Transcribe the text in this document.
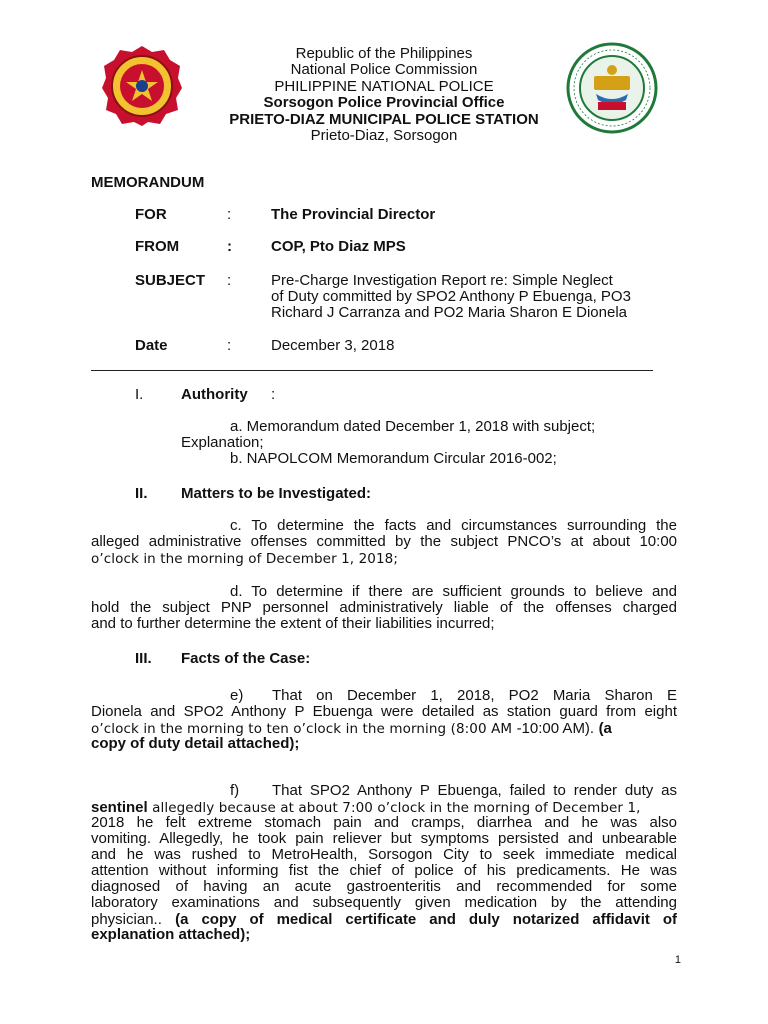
Republic of the Philippines
National Police Commission
PHILIPPINE NATIONAL POLICE
Sorsogon Police Provincial Office
PRIETO-DIAZ MUNICIPAL POLICE STATION
Prieto-Diaz, Sorsogon
MEMORANDUM
FOR	:	The Provincial Director
FROM	:	COP, Pto Diaz MPS
SUBJECT :	Pre-Charge Investigation Report re: Simple Neglect
of Duty committed by SPO2 Anthony P Ebuenga, PO3
Richard J Carranza and PO2 Maria Sharon E Dionela
Date	:	December 3, 2018
I.	Authority :
a. Memorandum dated December 1, 2018 with subject;
Explanation;
b. NAPOLCOM Memorandum Circular 2016-002;
II. Matters to be Investigated:
c. To determine the facts and circumstances surrounding the
alleged administrative offenses committed by the subject PNCO’s at about 10:00
o’clock in the morning of December 1, 2018;
d. To determine if there are sufficient grounds to believe and
hold the subject PNP personnel administratively liable of the offenses charged
and to further determine the extent of their liabilities incurred;
III. Facts of the Case:
e) That on December 1, 2018, PO2 Maria Sharon E
Dionela and SPO2 Anthony P Ebuenga were detailed as station guard from eight
o’clock in the morning to ten o’clock in the morning (8:00 AM -10:00 AM). (a
copy of duty detail attached);
f) That SPO2 Anthony P Ebuenga, failed to render duty as
sentinel allegedly because at about 7:00 o’clock in the morning of December 1,
2018 he felt extreme stomach pain and cramps, diarrhea and he was also
vomiting. Allegedly, he took pain reliever but symptoms persisted and unbearable
and he was rushed to MetroHealth, Sorsogon City to seek immediate medical
attention without informing fist the chief of police of his predicaments. He was
diagnosed of having an acute gastroenteritis and recommended for some
laboratory examinations and subsequently given medication by the attending
physician.. (a copy of medical certificate and duly notarized affidavit of
explanation attached);
1
